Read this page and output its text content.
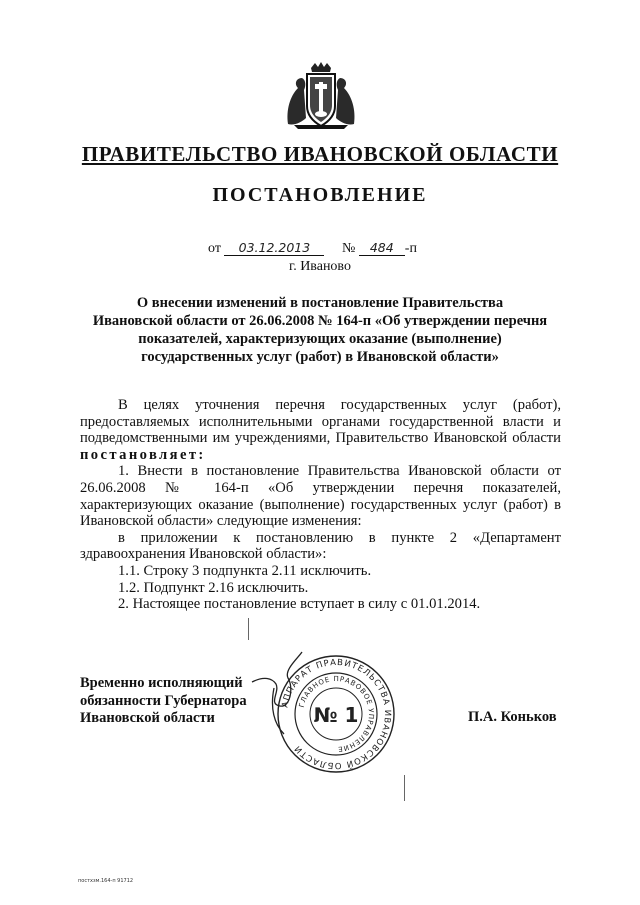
ПРАВИТЕЛЬСТВО ИВАНОВСКОЙ ОБЛАСТИ
ПОСТАНОВЛЕНИЕ
от 03.12.2013 № 484 -п
г. Иваново
О внесении изменений в постановление Правительства
Ивановской области от 26.06.2008 № 164-п «Об утверждении перечня
показателей, характеризующих оказание (выполнение)
государственных услуг (работ) в Ивановской области»

В целях уточнения перечня государственных услуг (работ), предоставляемых исполнительными органами государственной власти и подведомственными им учреждениями, Правительство Ивановской области постановляет:

1. Внести в постановление Правительства Ивановской области от 26.06.2008 № 164-п «Об утверждении перечня показателей, характеризующих оказание (выполнение) государственных услуг (работ) в Ивановской области» следующие изменения:

в приложении к постановлению в пункте 2 «Департамент здравоохранения Ивановской области»:

1.1. Строку 3 подпункта 2.11 исключить.

1.2. Подпункт 2.16 исключить.

2. Настоящее постановление вступает в силу с 01.01.2014.

Временно исполняющий
обязанности Губернатора
Ивановской области
АППАРАТ ПРАВИТЕЛЬСТВА ИВАНОВСКОЙ ОБЛАСТИ
ГЛАВНОЕ ПРАВОВОЕ УПРАВЛЕНИЕ
№ 1	П.А. Коньков
постхзм.164-п 91712
